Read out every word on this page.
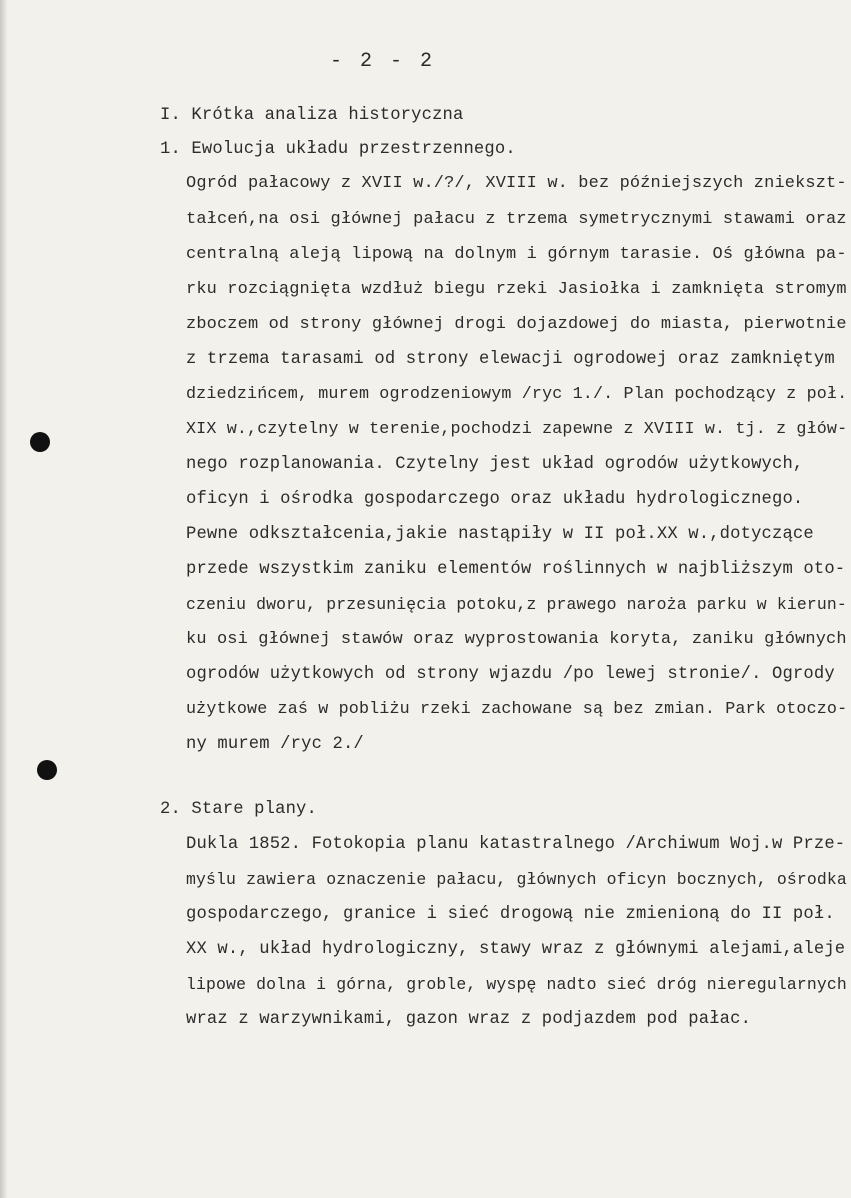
- 2 - 2
I. Krótka analiza historyczna
1. Ewolucja układu przestrzennego.
Ogród pałacowy z XVII w./?/, XVIII w. bez późniejszych zniekszt-
tałceń,na osi głównej pałacu z trzema symetrycznymi stawami oraz
centralną aleją lipową na dolnym i górnym tarasie. Oś główna pa-
rku rozciągnięta wzdłuż biegu rzeki Jasiołka i zamknięta stromym
zboczem od strony głównej drogi dojazdowej do miasta, pierwotnie
z trzema tarasami od strony elewacji ogrodowej oraz zamkniętym
dziedzińcem, murem ogrodzeniowym /ryc 1./. Plan pochodzący z poł.
XIX w.,czytelny w terenie,pochodzi zapewne z XVIII w. tj. z głów-
nego rozplanowania. Czytelny jest układ ogrodów użytkowych,
oficyn i ośrodka gospodarczego oraz układu hydrologicznego.
Pewne odkształcenia,jakie nastąpiły w II poł.XX w.,dotyczące
przede wszystkim zaniku elementów roślinnych w najbliższym oto-
czeniu dworu, przesunięcia potoku,z prawego naroża parku w kierun-
ku osi głównej stawów oraz wyprostowania koryta, zaniku głównych
ogrodów użytkowych od strony wjazdu /po lewej stronie/. Ogrody
użytkowe zaś w pobliżu rzeki zachowane są bez zmian. Park otoczo-
ny murem /ryc 2./
2. Stare plany.
Dukla 1852. Fotokopia planu katastralnego /Archiwum Woj.w Prze-
myślu zawiera oznaczenie pałacu, głównych oficyn bocznych, ośrodka
gospodarczego, granice i sieć drogową nie zmienioną do II poł.
XX w., układ hydrologiczny, stawy wraz z głównymi alejami,aleje
lipowe dolna i górna, groble, wyspę nadto sieć dróg nieregularnych
wraz z warzywnikami, gazon wraz z podjazdem pod pałac.
